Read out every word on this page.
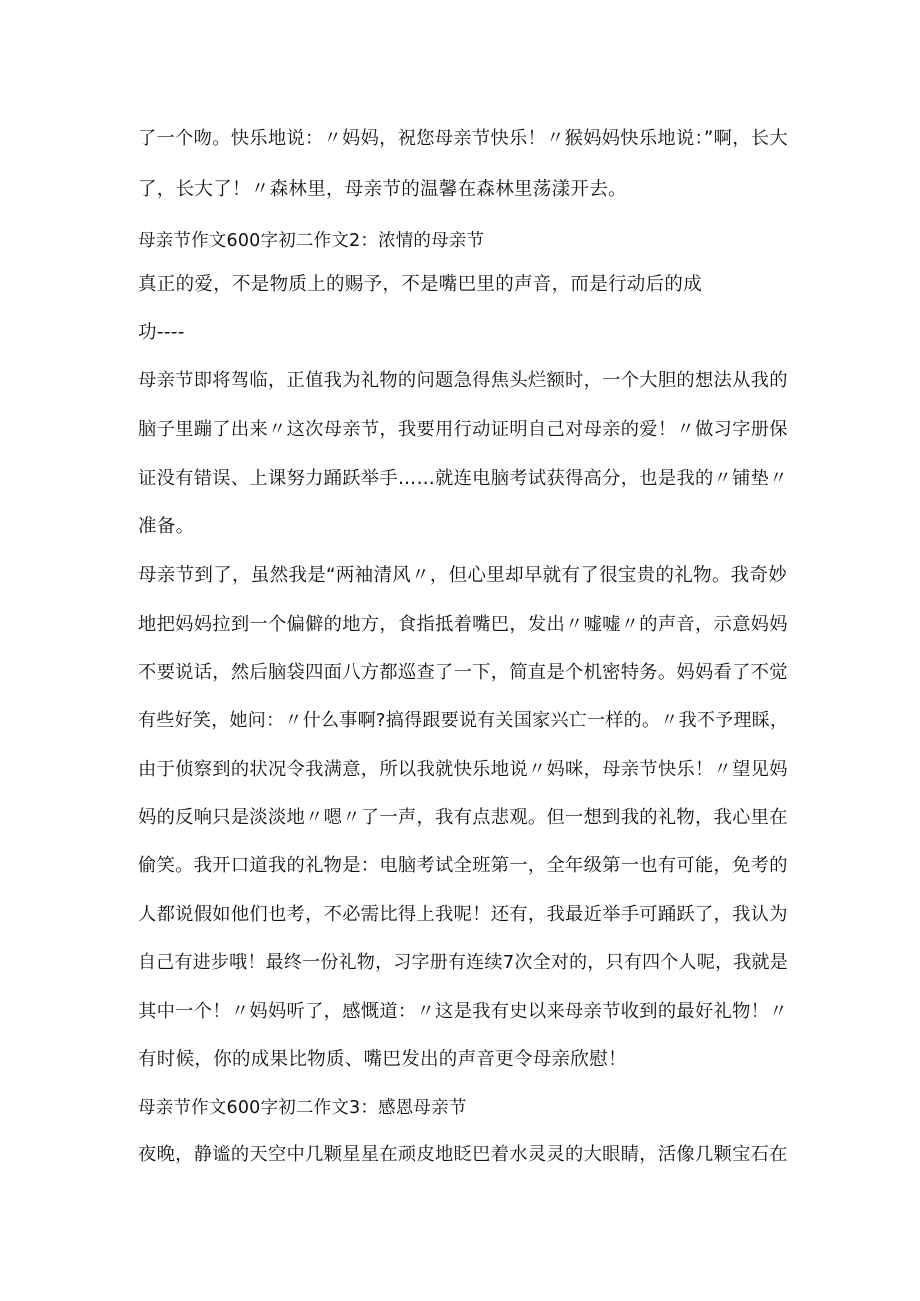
了一个吻。快乐地说：〃妈妈，祝您母亲节快乐！〃猴妈妈快乐地说：”啊，长大
了，长大了！〃森林里，母亲节的温馨在森林里荡漾开去。
母亲节作文600字初二作文2：浓情的母亲节
真正的爱，不是物质上的赐予，不是嘴巴里的声音，而是行动后的成
功----
母亲节即将驾临，正值我为礼物的问题急得焦头烂额时，一个大胆的想法从我的
脑子里蹦了出来〃这次母亲节，我要用行动证明自己对母亲的爱！〃做习字册保
证没有错误、上课努力踊跃举手……就连电脑考试获得高分，也是我的〃铺垫〃
准备。
母亲节到了，虽然我是“两袖清风〃，但心里却早就有了很宝贵的礼物。我奇妙
地把妈妈拉到一个偏僻的地方，食指抵着嘴巴，发出〃嘘嘘〃的声音，示意妈妈
不要说话，然后脑袋四面八方都巡查了一下，简直是个机密特务。妈妈看了不觉
有些好笑，她问：〃什么事啊?搞得跟要说有关国家兴亡一样的。〃我不予理睬，
由于侦察到的状况令我满意，所以我就快乐地说〃妈咪，母亲节快乐！〃望见妈
妈的反响只是淡淡地〃嗯〃了一声，我有点悲观。但一想到我的礼物，我心里在
偷笑。我开口道我的礼物是：电脑考试全班第一，全年级第一也有可能，免考的
人都说假如他们也考，不必需比得上我呢！还有，我最近举手可踊跃了，我认为
自己有进步哦！最终一份礼物，习字册有连续7次全对的，只有四个人呢，我就是
其中一个！〃妈妈听了，感慨道：〃这是我有史以来母亲节收到的最好礼物！〃
有时候，你的成果比物质、嘴巴发出的声音更令母亲欣慰！
母亲节作文600字初二作文3：感恩母亲节
夜晚，静谧的天空中几颗星星在顽皮地眨巴着水灵灵的大眼睛，活像几颗宝石在
